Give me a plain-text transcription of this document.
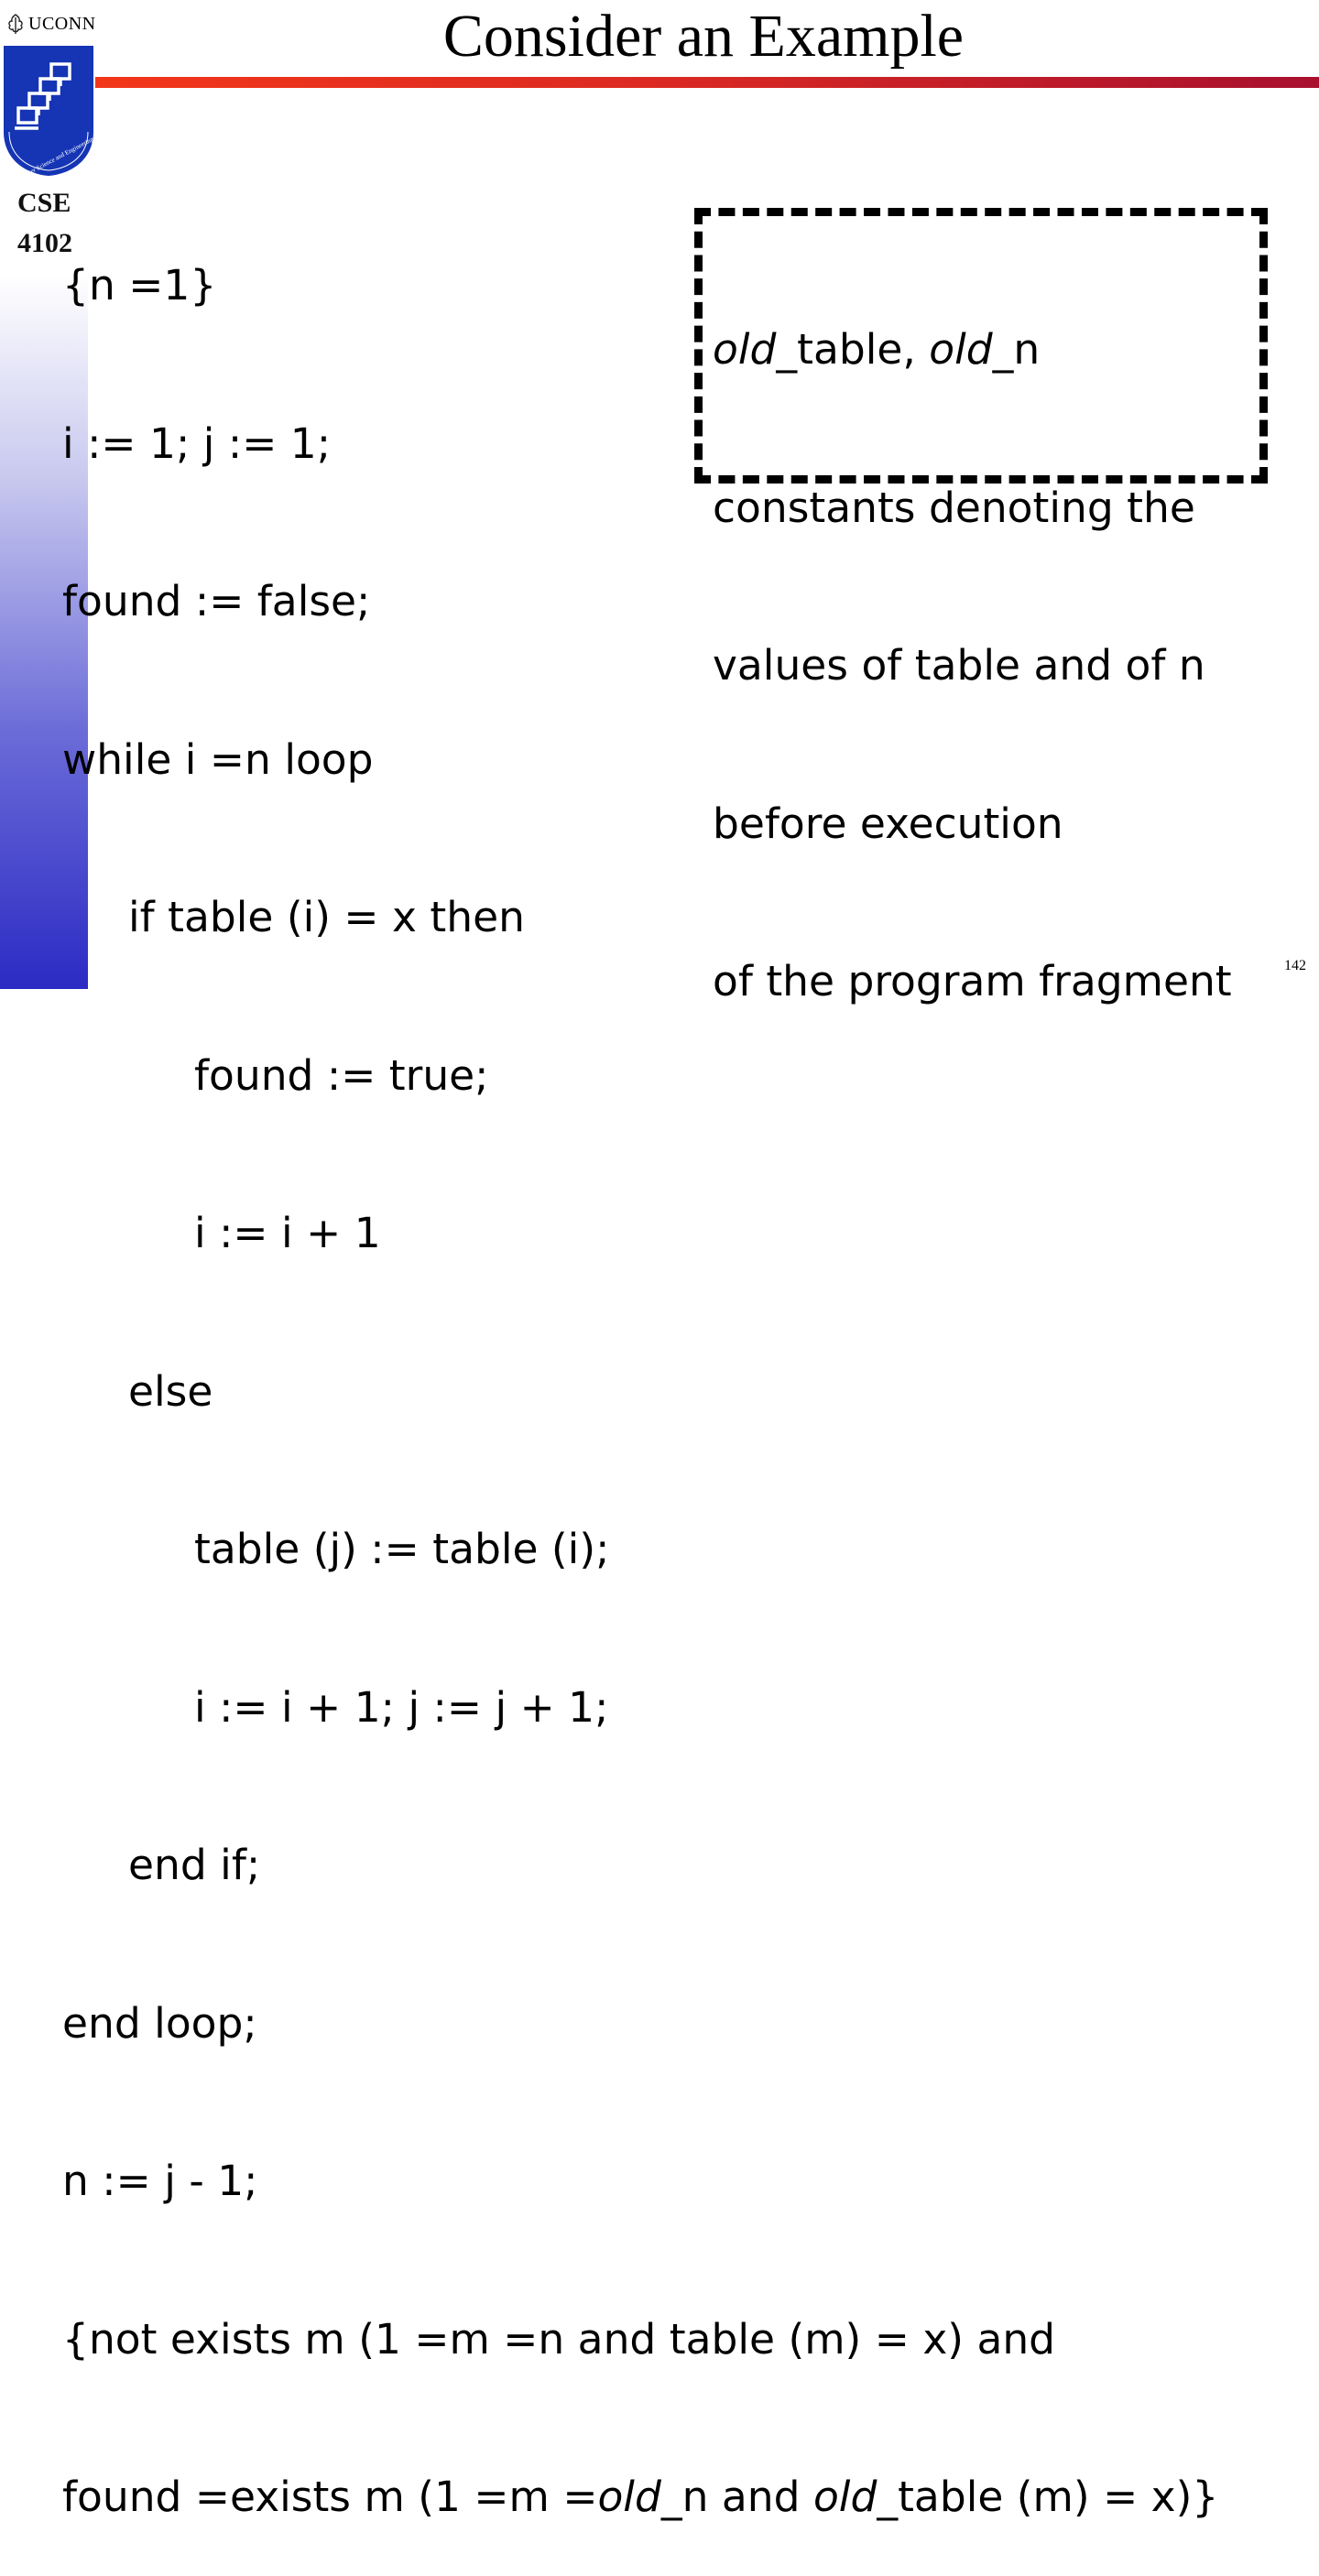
UCONN
Computer Science and Engineering
CSE
4102
Consider an Example

{n =1}

i := 1; j := 1;

found := false;

while i =n loop

if table (i) = x then

found := true;

i := i + 1

else

table (j) := table (i);

i := i + 1; j := j + 1;

end if;

end loop;

n := j - 1;

{not exists m (1 =m =n and table (m) = x) and

found =exists m (1 =m =old_n and old_table (m) = x)}

old_table, old_n

constants denoting the

values of table and of n

before execution

of the program fragment	142
